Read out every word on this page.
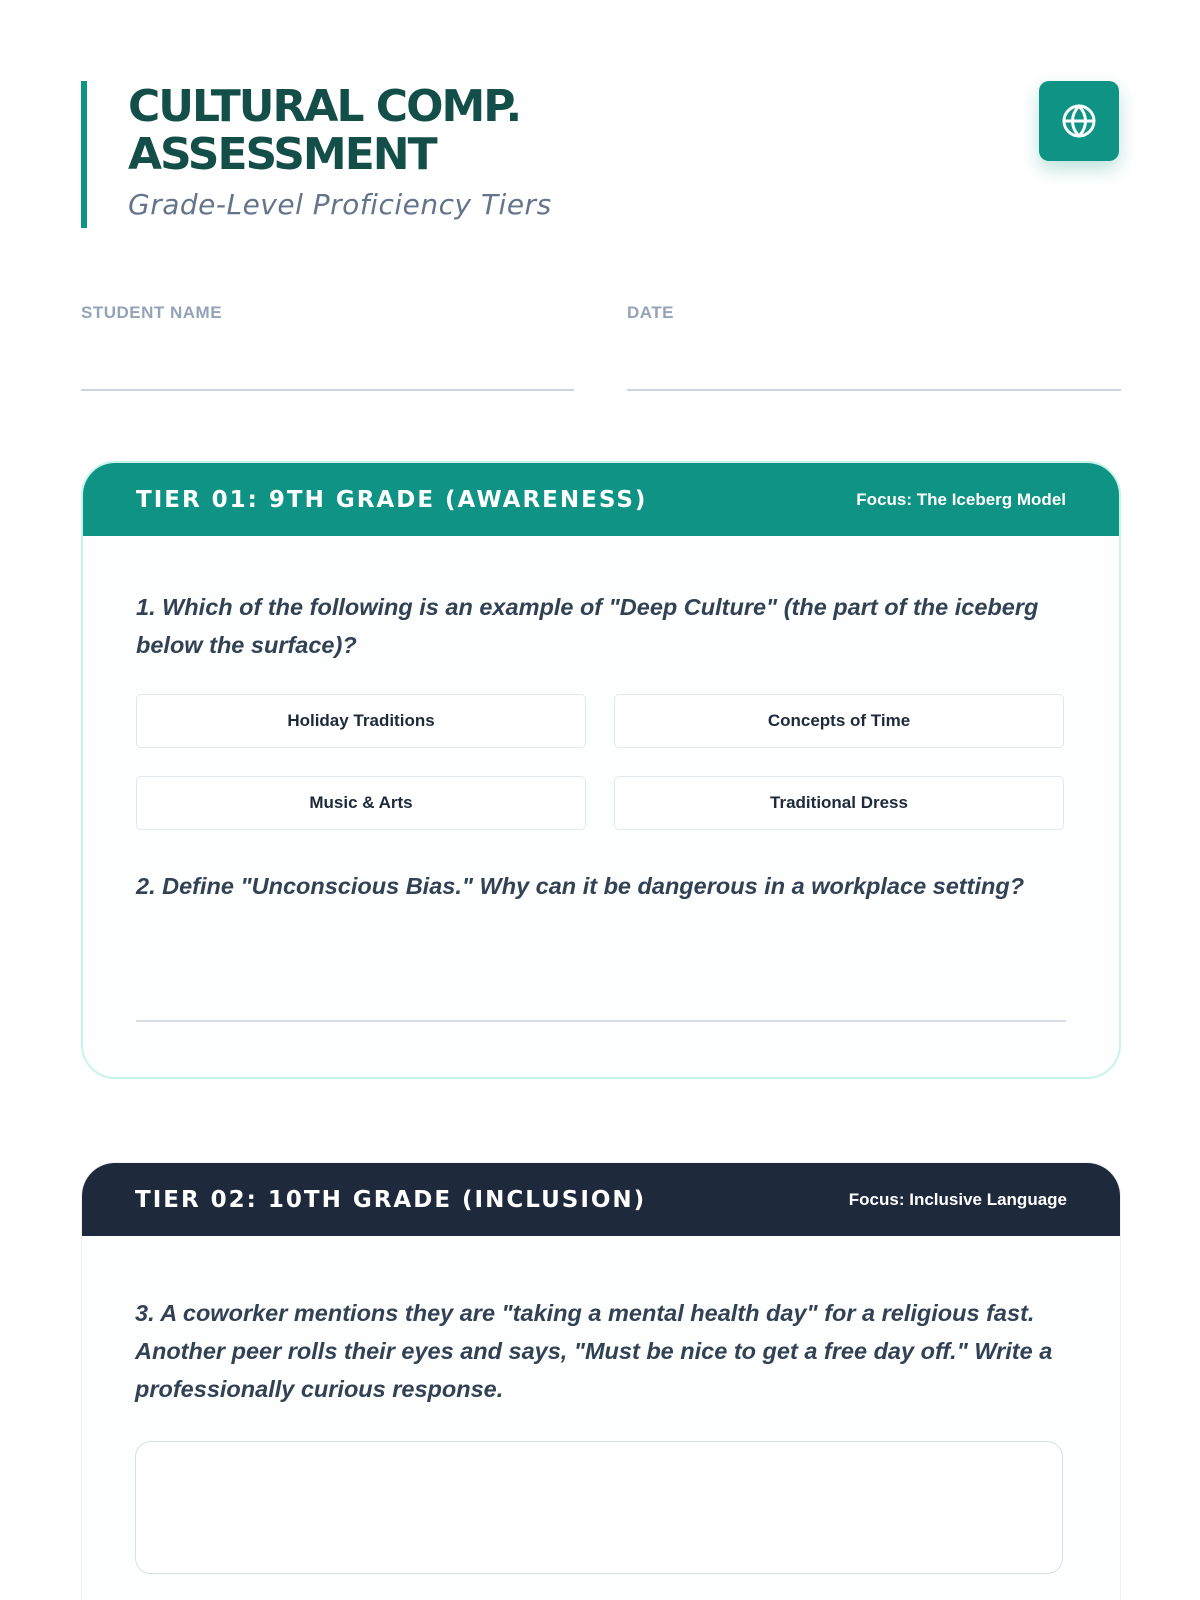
CULTURAL COMP.
ASSESSMENT
Grade-Level Proficiency Tiers
STUDENT NAME	DATE
TIER 01: 9TH GRADE (AWARENESS)	Focus: The Iceberg Model
1. Which of the following is an example of "Deep Culture" (the part of the iceberg below the surface)?
Holiday Traditions	Concepts of Time
Music & Arts	Traditional Dress
2. Define "Unconscious Bias." Why can it be dangerous in a workplace setting?
TIER 02: 10TH GRADE (INCLUSION)	Focus: Inclusive Language
3. A coworker mentions they are "taking a mental health day" for a religious fast. Another peer rolls their eyes and says, "Must be nice to get a free day off." Write a professionally curious response.
